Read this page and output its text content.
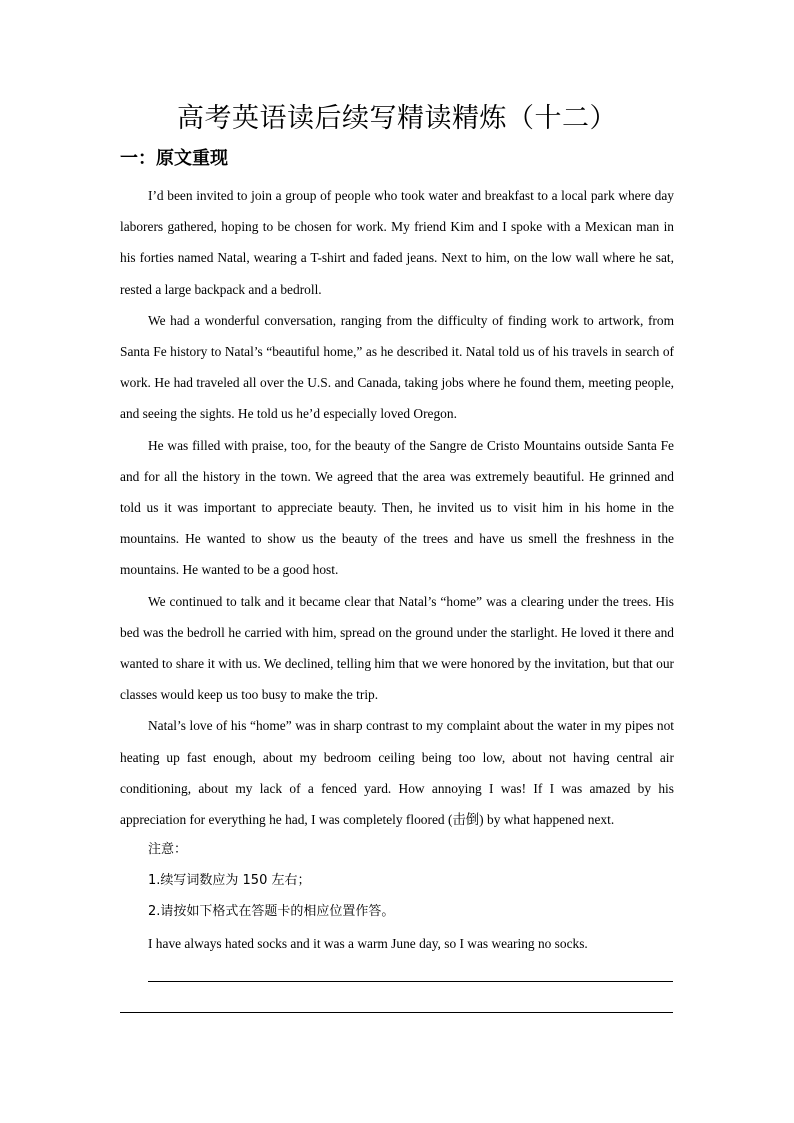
高考英语读后续写精读精炼（十二）
一：原文重现

I’d been invited to join a group of people who took water and breakfast to a local park where day laborers gathered, hoping to be chosen for work. My friend Kim and I spoke with a Mexican man in his forties named Natal, wearing a T-shirt and faded jeans. Next to him, on the low wall where he sat, rested a large backpack and a bedroll.

We had a wonderful conversation, ranging from the difficulty of finding work to artwork, from Santa Fe history to Natal’s “beautiful home,” as he described it. Natal told us of his travels in search of work. He had traveled all over the U.S. and Canada, taking jobs where he found them, meeting people, and seeing the sights. He told us he’d especially loved Oregon.

He was filled with praise, too, for the beauty of the Sangre de Cristo Mountains outside Santa Fe and for all the history in the town. We agreed that the area was extremely beautiful. He grinned and told us it was important to appreciate beauty. Then, he invited us to visit him in his home in the mountains. He wanted to show us the beauty of the trees and have us smell the freshness in the mountains. He wanted to be a good host.

We continued to talk and it became clear that Natal’s “home” was a clearing under the trees. His bed was the bedroll he carried with him, spread on the ground under the starlight. He loved it there and wanted to share it with us. We declined, telling him that we were honored by the invitation, but that our classes would keep us too busy to make the trip.

Natal’s love of his “home” was in sharp contrast to my complaint about the water in my pipes not heating up fast enough, about my bedroom ceiling being too low, about not having central air conditioning, about my lack of a fenced yard. How annoying I was! If I was amazed by his appreciation for everything he had, I was completely floored (击倒) by what happened next.

注意：
1.续写词数应为 150 左右；
2.请按如下格式在答题卡的相应位置作答。
I have always hated socks and it was a warm June day, so I was wearing no socks.
